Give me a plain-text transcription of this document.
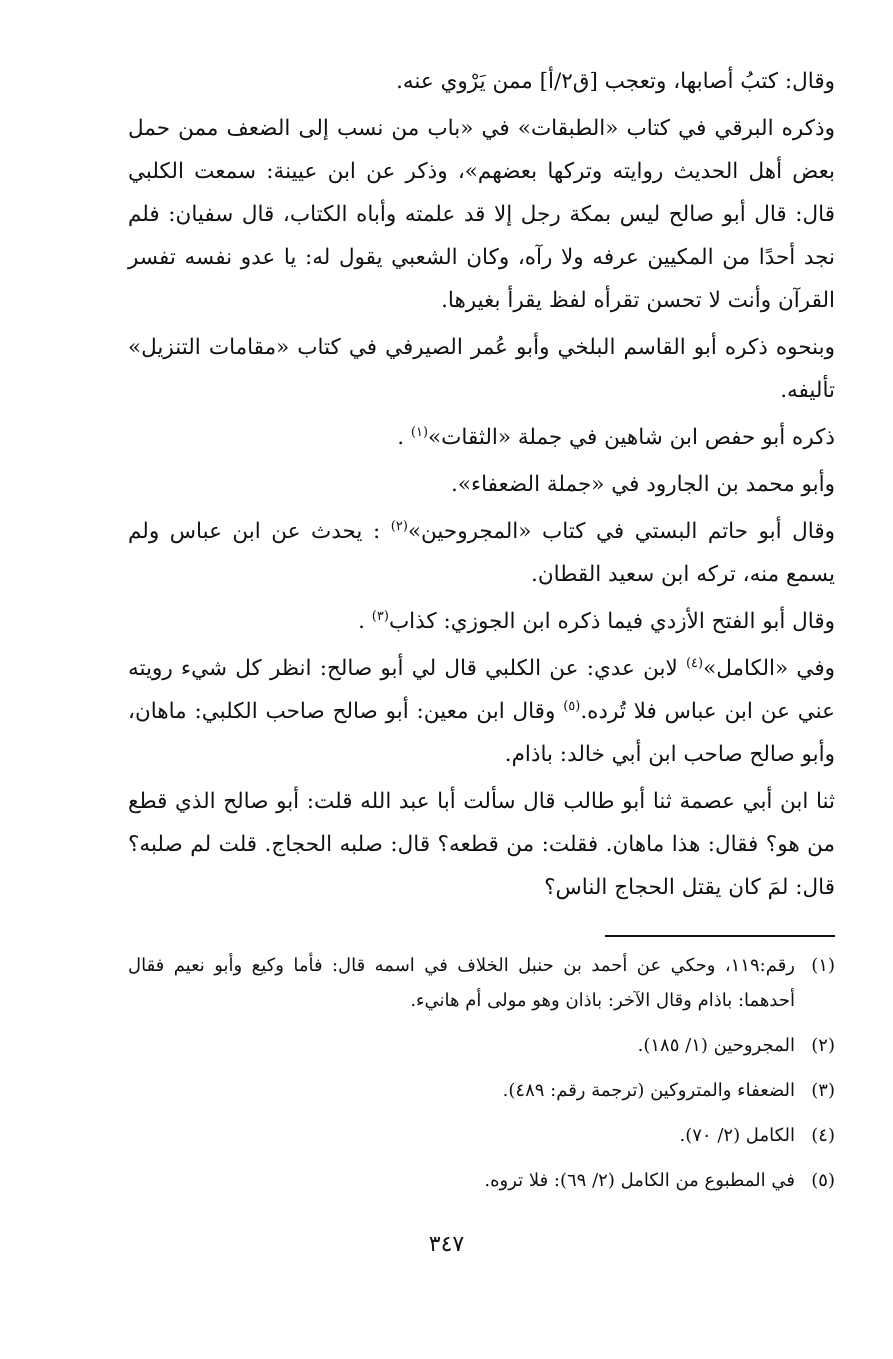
وقال: كتبُ أصابها، وتعجب [ق٢/أ] ممن يَرْوي عنه.

وذكره البرقي في كتاب «الطبقات» في «باب من نسب إلى الضعف ممن حمل بعض أهل الحديث روايته وتركها بعضهم»، وذكر عن ابن عيينة: سمعت الكلبي قال: قال أبو صالح ليس بمكة رجل إلا قد علمته وأباه الكتاب، قال سفيان: فلم نجد أحدًا من المكيين عرفه ولا رآه، وكان الشعبي يقول له: يا عدو نفسه تفسر القرآن وأنت لا تحسن تقرأه لفظ يقرأ بغيرها.

وبنحوه ذكره أبو القاسم البلخي وأبو عُمر الصيرفي في كتاب «مقامات التنزيل» تأليفه.

ذكره أبو حفص ابن شاهين في جملة «الثقات»$^{(١)}$ .

وأبو محمد بن الجارود في «جملة الضعفاء».

وقال أبو حاتم البستي في كتاب «المجروحين»$^{(٢)}$ : يحدث عن ابن عباس ولم يسمع منه، تركه ابن سعيد القطان.

وقال أبو الفتح الأزدي فيما ذكره ابن الجوزي: كذاب$^{(٣)}$ .

وفي «الكامل»$^{(٤)}$ لابن عدي: عن الكلبي قال لي أبو صالح: انظر كل شيء رويته عني عن ابن عباس فلا تُرده.$^{(٥)}$ وقال ابن معين: أبو صالح صاحب الكلبي: ماهان، وأبو صالح صاحب ابن أبي خالد: باذام.

ثنا ابن أبي عصمة ثنا أبو طالب قال سألت أبا عبد الله قلت: أبو صالح الذي قطع من هو؟ فقال: هذا ماهان. فقلت: من قطعه؟ قال: صلبه الحجاج. قلت لم صلبه؟ قال: لمَ كان يقتل الحجاج الناس؟

(١)
رقم:١١٩، وحكي عن أحمد بن حنبل الخلاف في اسمه قال: فأما وكيع وأبو نعيم فقال أحدهما: باذام وقال الآخر: باذان وهو مولى أم هانيء.
(٢)
المجروحين (١/ ١٨٥).
(٣)
الضعفاء والمتروكين (ترجمة رقم: ٤٨٩).
(٤)
الكامل (٢/ ٧٠).
(٥)
في المطبوع من الكامل (٢/ ٦٩): فلا تروه.
٣٤٧
